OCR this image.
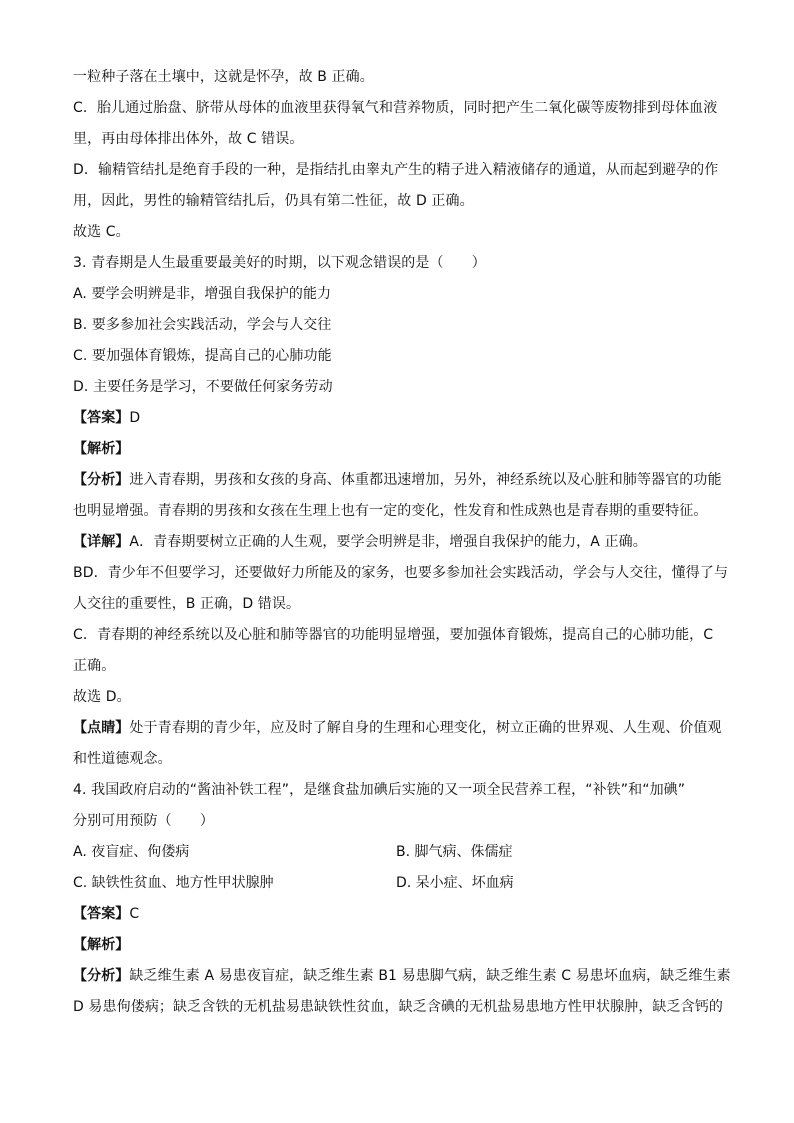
一粒种子落在土壤中，这就是怀孕，故 B 正确。
C．胎儿通过胎盘、脐带从母体的血液里获得氧气和营养物质，同时把产生二氧化碳等废物排到母体血液
里，再由母体排出体外，故 C 错误。
D．输精管结扎是绝育手段的一种，是指结扎由睾丸产生的精子进入精液储存的通道，从而起到避孕的作
用，因此，男性的输精管结扎后，仍具有第二性征，故 D 正确。
故选 C。
3. 青春期是人生最重要最美好的时期，以下观念错误的是（　　）
A. 要学会明辨是非，增强自我保护的能力
B. 要多参加社会实践活动，学会与人交往
C. 要加强体育锻炼，提高自己的心肺功能
D. 主要任务是学习，不要做任何家务劳动
【答案】D
【解析】
【分析】进入青春期，男孩和女孩的身高、体重都迅速增加，另外，神经系统以及心脏和肺等器官的功能
也明显增强。青春期的男孩和女孩在生理上也有一定的变化，性发育和性成熟也是青春期的重要特征。
【详解】A．青春期要树立正确的人生观，要学会明辨是非，增强自我保护的能力，A 正确。
BD．青少年不但要学习，还要做好力所能及的家务，也要多参加社会实践活动，学会与人交往，懂得了与
人交往的重要性，B 正确，D 错误。
C．青春期的神经系统以及心脏和肺等器官的功能明显增强，要加强体育锻炼，提高自己的心肺功能，C
正确。
故选 D。
【点睛】处于青春期的青少年，应及时了解自身的生理和心理变化，树立正确的世界观、人生观、价值观
和性道德观念。
4. 我国政府启动的“酱油补铁工程”，是继食盐加碘后实施的又一项全民营养工程，“补铁”和“加碘”
分别可用预防（　　）
A. 夜盲症、佝偻病	B. 脚气病、侏儒症
C. 缺铁性贫血、地方性甲状腺肿	D. 呆小症、坏血病
【答案】C
【解析】
【分析】缺乏维生素 A 易患夜盲症，缺乏维生素 B1 易患脚气病，缺乏维生素 C 易患坏血病，缺乏维生素
D 易患佝偻病；缺乏含铁的无机盐易患缺铁性贫血，缺乏含碘的无机盐易患地方性甲状腺肿，缺乏含钙的
